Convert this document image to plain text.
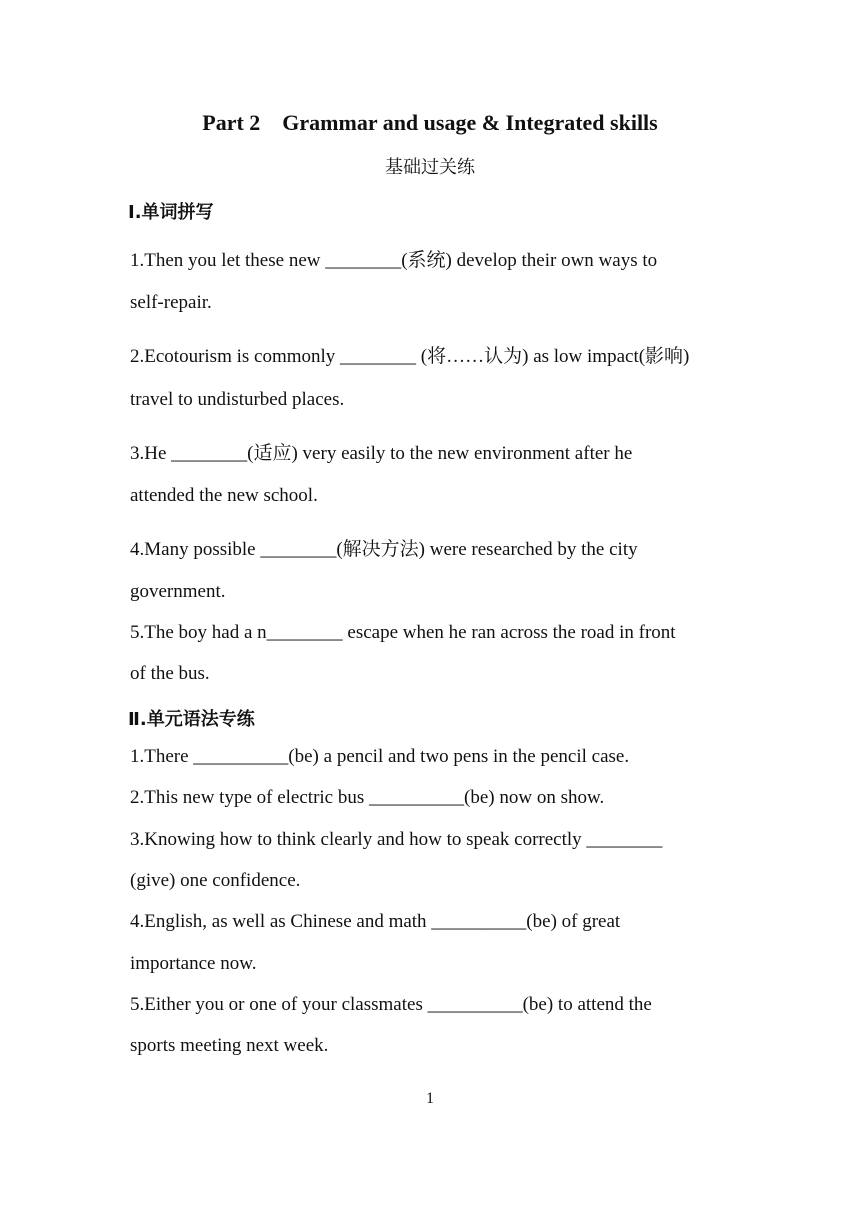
Part 2    Grammar and usage & Integrated skills
基础过关练
Ⅰ.单词拼写
1.Then you let these new ________(系统) develop their own ways to
self-repair.
2.Ecotourism is commonly ________ (将……认为) as low impact(影响)
travel to undisturbed places.
3.He ________(适应) very easily to the new environment after he
attended the new school.
4.Many possible ________(解决方法) were researched by the city
government.
5.The boy had a n________ escape when he ran across the road in front
of the bus.
Ⅱ.单元语法专练
1.There __________(be) a pencil and two pens in the pencil case.
2.This new type of electric bus __________(be) now on show.
3.Knowing how to think clearly and how to speak correctly ________
(give) one confidence.
4.English, as well as Chinese and math __________(be) of great
importance now.
5.Either you or one of your classmates __________(be) to attend the
sports meeting next week.
1
